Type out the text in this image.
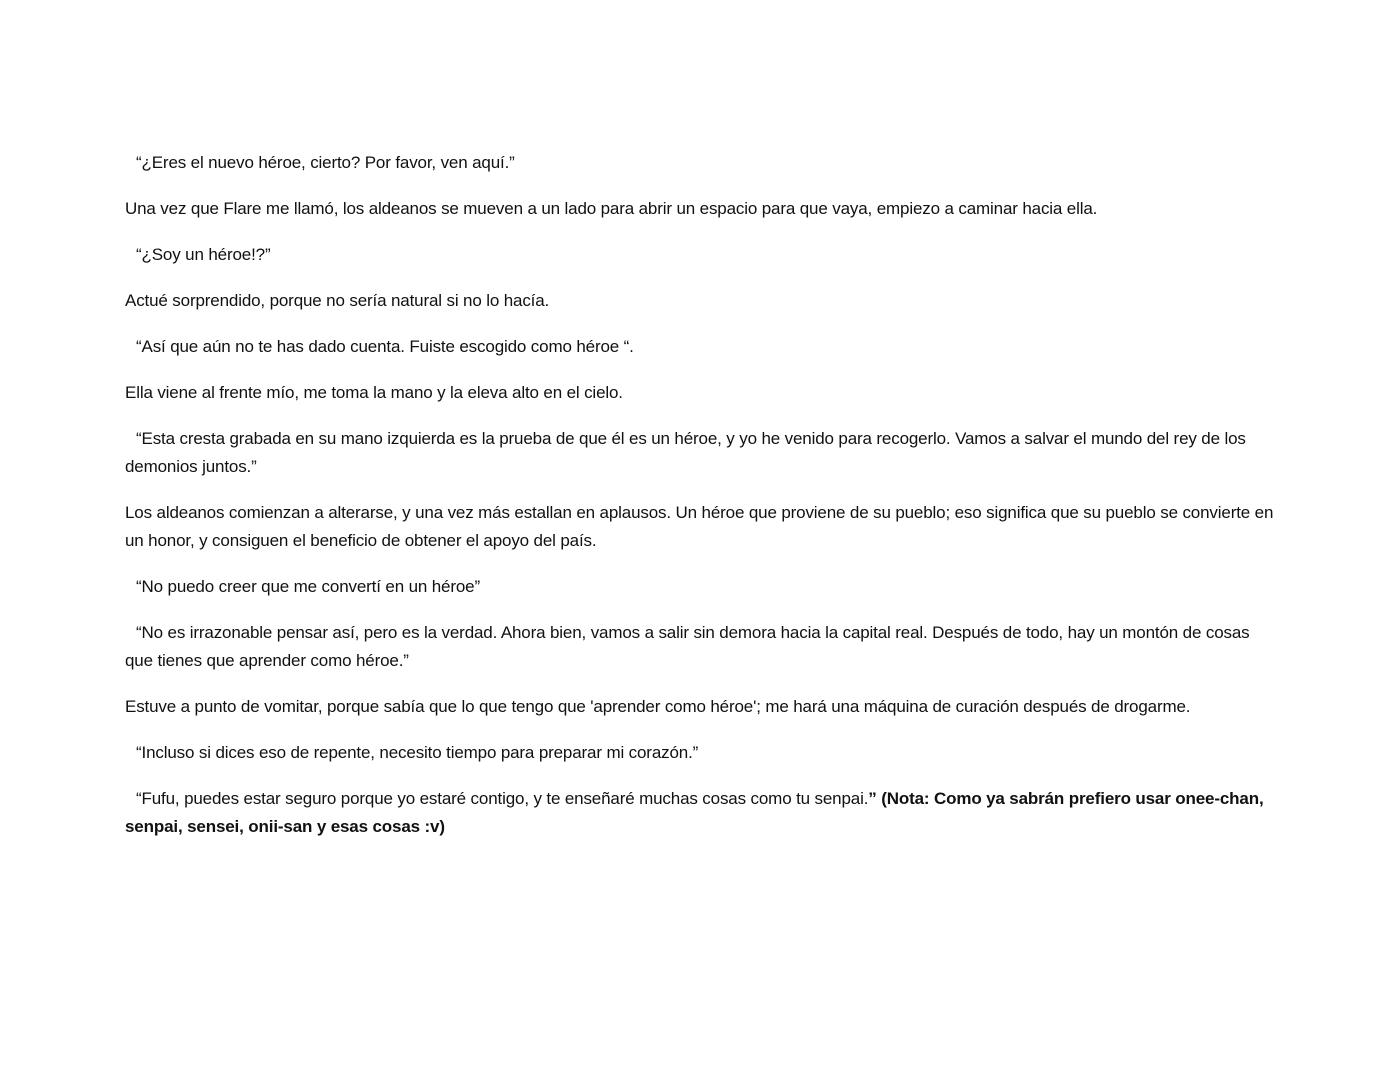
“¿Eres el nuevo héroe, cierto? Por favor, ven aquí.”

Una vez que Flare me llamó, los aldeanos se mueven a un lado para abrir un espacio para que vaya, empiezo a caminar hacia ella.

“¿Soy un héroe!?”

Actué sorprendido, porque no sería natural si no lo hacía.

“Así que aún no te has dado cuenta. Fuiste escogido como héroe “.

Ella viene al frente mío, me toma la mano y la eleva alto en el cielo.

“Esta cresta grabada en su mano izquierda es la prueba de que él es un héroe, y yo he venido para recogerlo. Vamos a salvar el mundo del rey de los demonios juntos.”

Los aldeanos comienzan a alterarse, y una vez más estallan en aplausos. Un héroe que proviene de su pueblo; eso significa que su pueblo se convierte en un honor, y consiguen el beneficio de obtener el apoyo del país.

“No puedo creer que me convertí en un héroe”

“No es irrazonable pensar así, pero es la verdad. Ahora bien, vamos a salir sin demora hacia la capital real. Después de todo, hay un montón de cosas que tienes que aprender como héroe.”

Estuve a punto de vomitar, porque sabía que lo que tengo que 'aprender como héroe'; me hará una máquina de curación después de drogarme.

“Incluso si dices eso de repente, necesito tiempo para preparar mi corazón.”

“Fufu, puedes estar seguro porque yo estaré contigo, y te enseñaré muchas cosas como tu senpai.” (Nota: Como ya sabrán prefiero usar onee-chan, senpai, sensei, onii-san y esas cosas :v)
